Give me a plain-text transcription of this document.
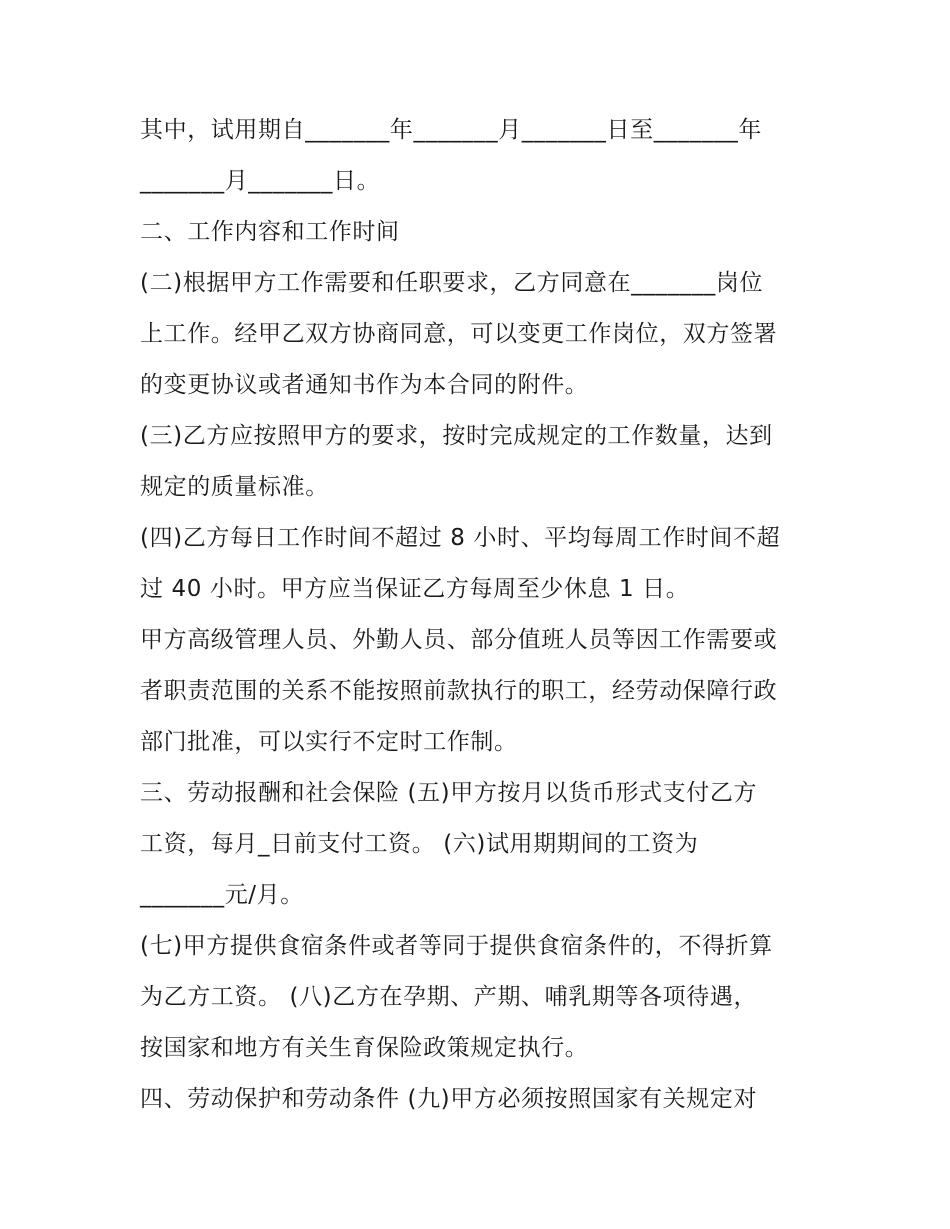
其中，试用期自_______年_______月_______日至_______年
_______月_______日。
二、工作内容和工作时间
(二)根据甲方工作需要和任职要求，乙方同意在_______岗位
上工作。经甲乙双方协商同意，可以变更工作岗位，双方签署
的变更协议或者通知书作为本合同的附件。
(三)乙方应按照甲方的要求，按时完成规定的工作数量，达到
规定的质量标准。
(四)乙方每日工作时间不超过 8 小时、平均每周工作时间不超
过 40 小时。甲方应当保证乙方每周至少休息 1 日。
甲方高级管理人员、外勤人员、部分值班人员等因工作需要或
者职责范围的关系不能按照前款执行的职工，经劳动保障行政
部门批准，可以实行不定时工作制。
三、劳动报酬和社会保险 (五)甲方按月以货币形式支付乙方
工资，每月_日前支付工资。 (六)试用期期间的工资为
_______元/月。
(七)甲方提供食宿条件或者等同于提供食宿条件的，不得折算
为乙方工资。 (八)乙方在孕期、产期、哺乳期等各项待遇，
按国家和地方有关生育保险政策规定执行。
四、劳动保护和劳动条件 (九)甲方必须按照国家有关规定对
